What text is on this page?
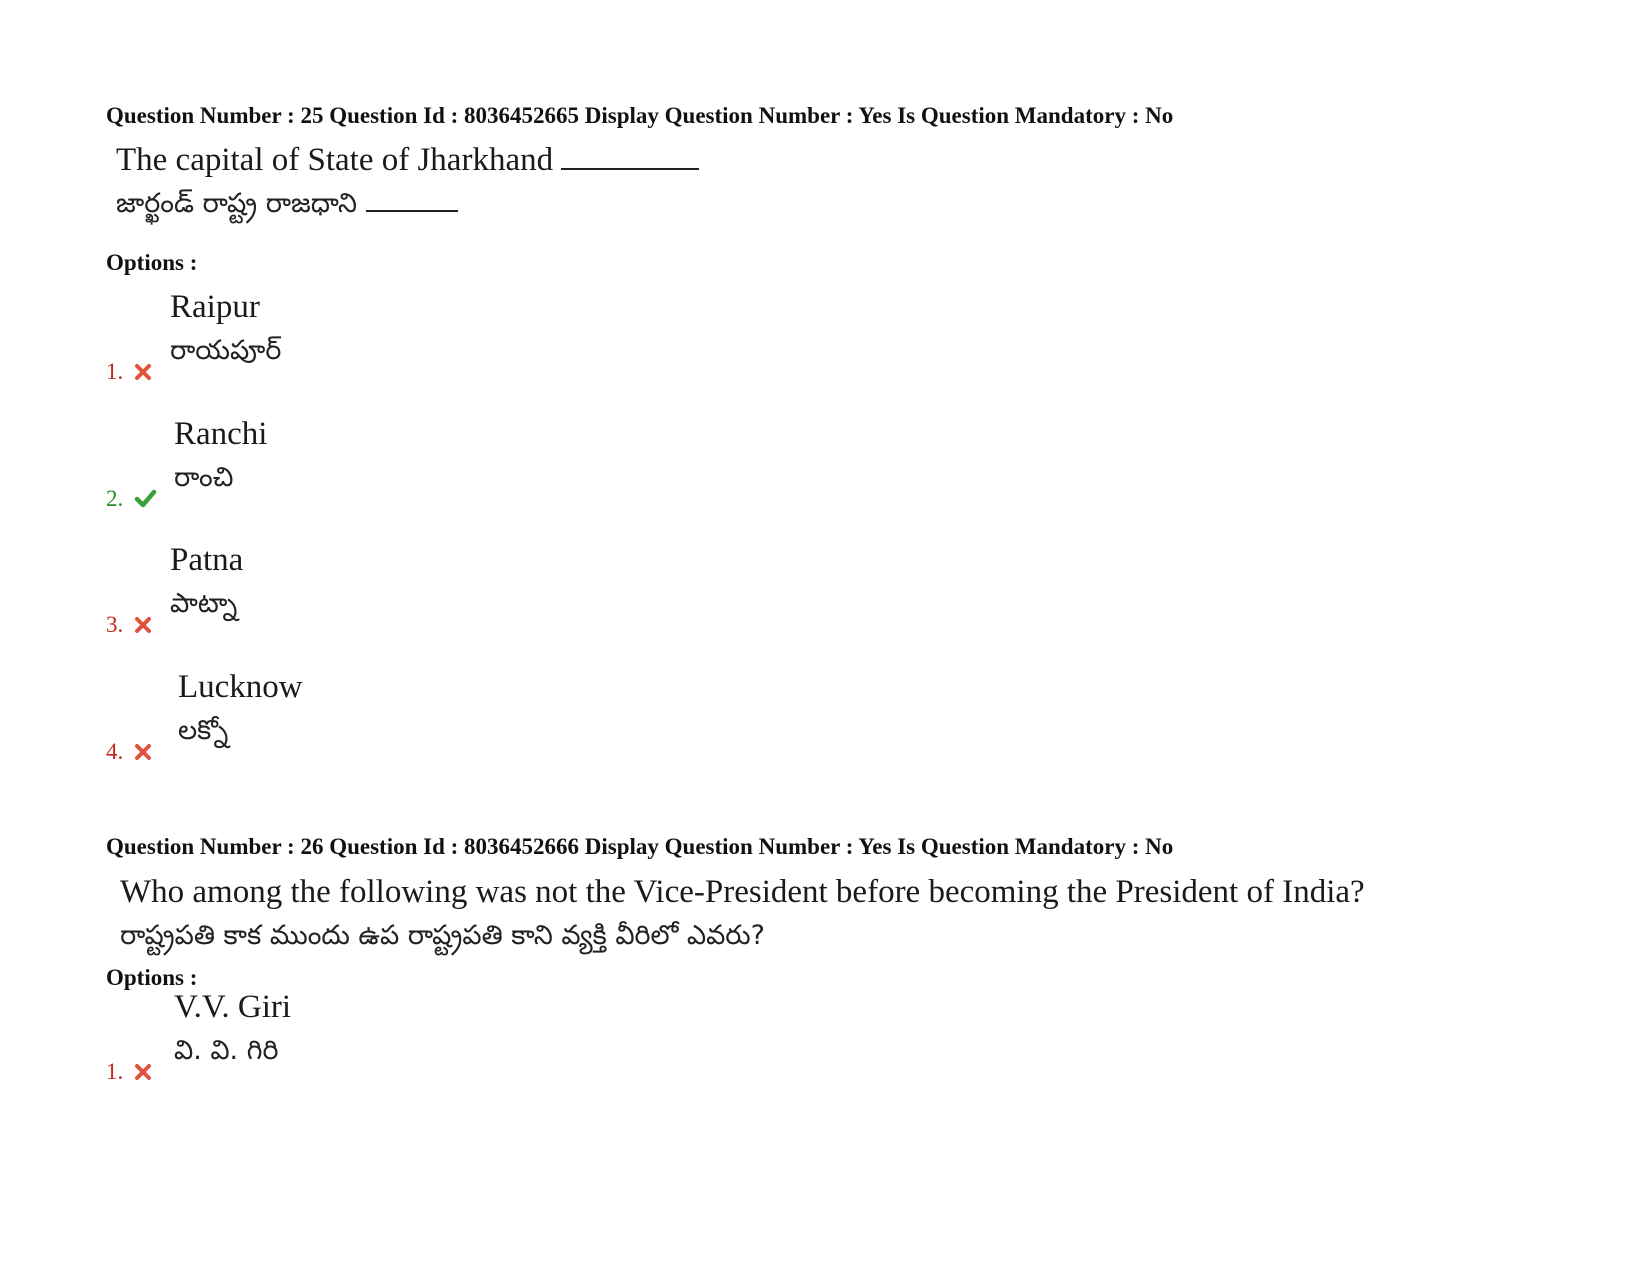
Question Number : 25 Question Id : 8036452665 Display Question Number : Yes Is Question Mandatory : No
The capital of State of Jharkhand
జార్ఖండ్ రాష్ట్ర రాజధాని
Options :
1.
Raipur
రాయపూర్
2.
Ranchi
రాంచి
3.
Patna
పాట్నా
4.
Lucknow
లక్నో
Question Number : 26 Question Id : 8036452666 Display Question Number : Yes Is Question Mandatory : No
Who among the following was not the Vice-President before becoming the President of India?
రాష్ట్రపతి కాక ముందు ఉప రాష్ట్రపతి కాని వ్యక్తి వీరిలో ఎవరు?
Options :
1.
V.V. Giri
వి. వి. గిరి
